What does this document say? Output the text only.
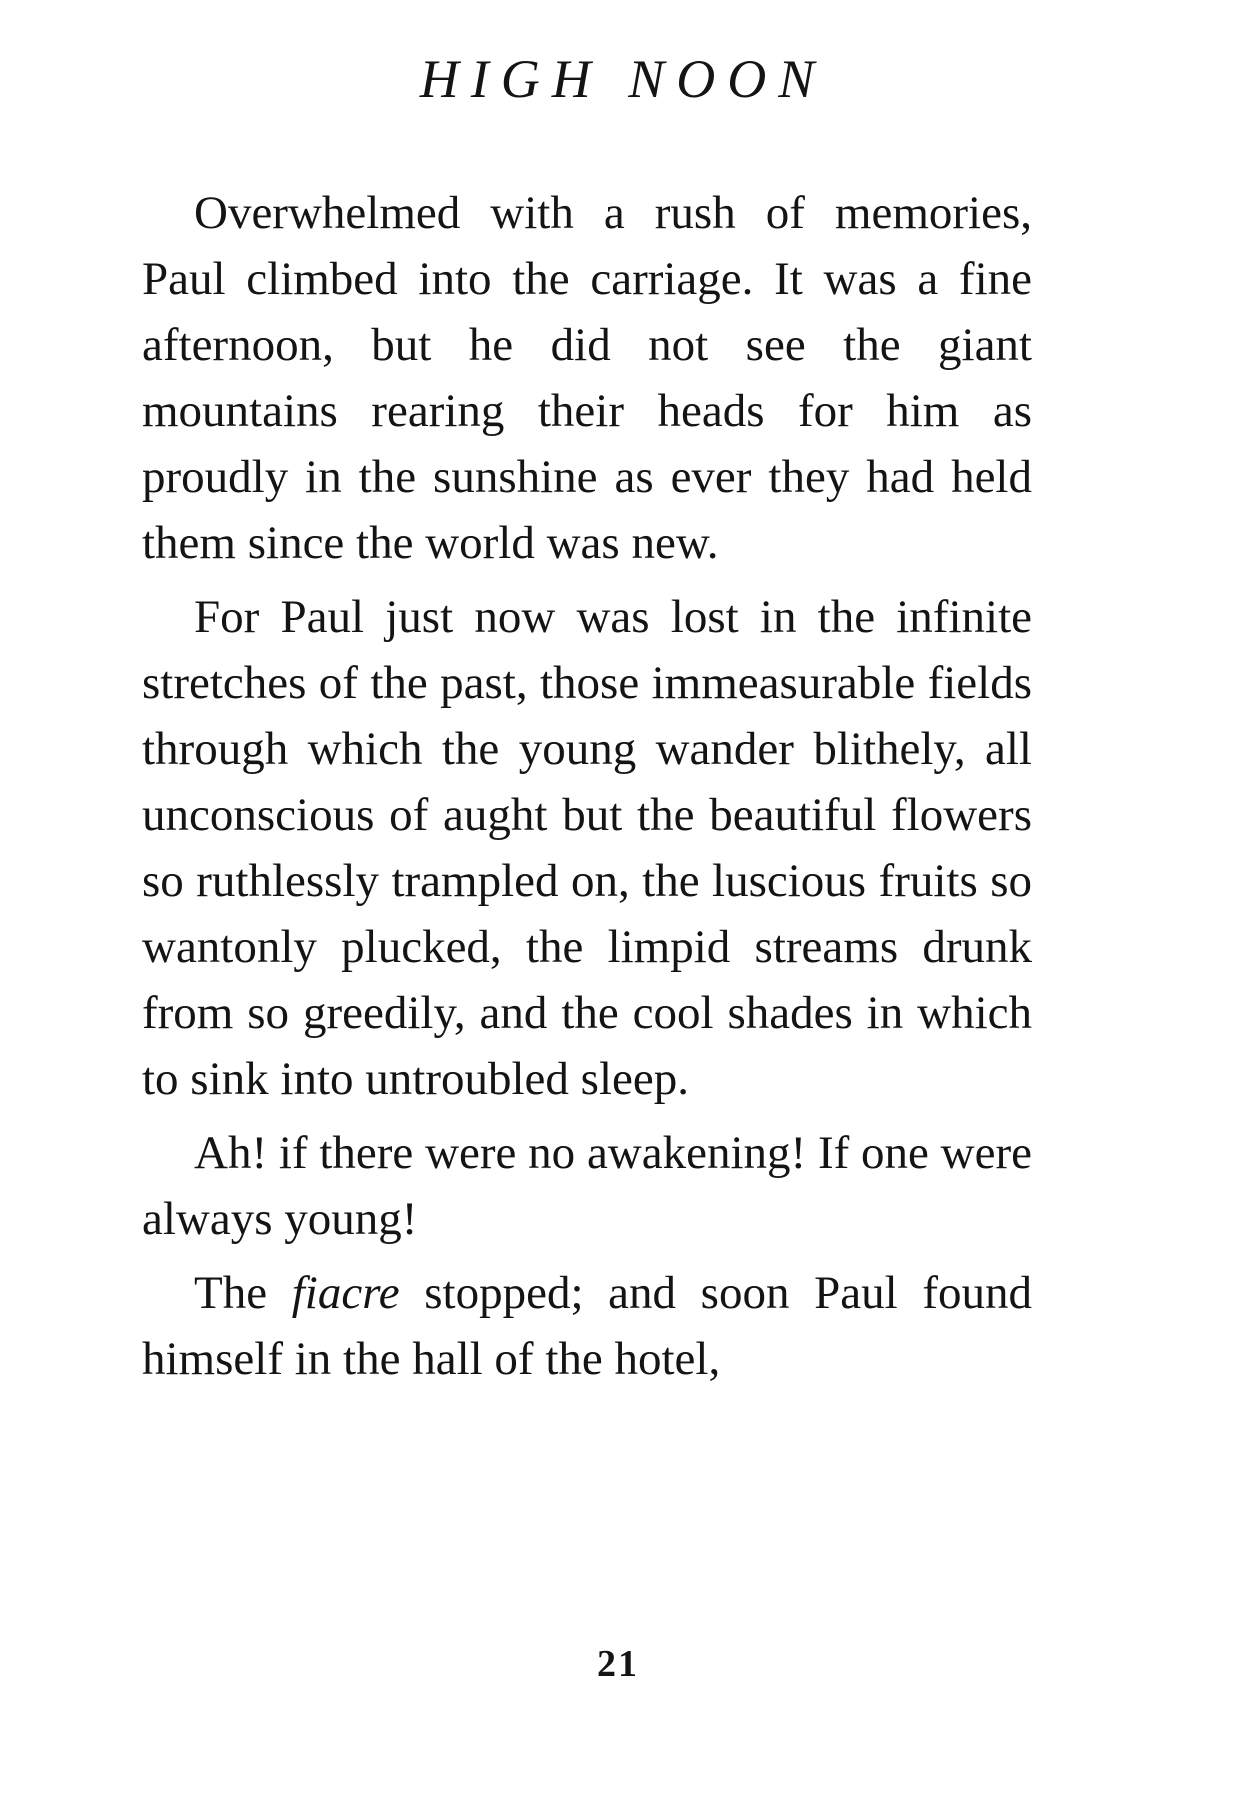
HIGH NOON

Overwhelmed with a rush of memories, Paul climbed into the carriage. It was a fine afternoon, but he did not see the giant mountains rearing their heads for him as proudly in the sunshine as ever they had held them since the world was new.

For Paul just now was lost in the infinite stretches of the past, those immeasurable fields through which the young wander blithely, all unconscious of aught but the beautiful flowers so ruthlessly trampled on, the luscious fruits so wantonly plucked, the limpid streams drunk from so greedily, and the cool shades in which to sink into untroubled sleep.

Ah! if there were no awakening! If one were always young!

The fiacre stopped; and soon Paul found himself in the hall of the hotel,

21
